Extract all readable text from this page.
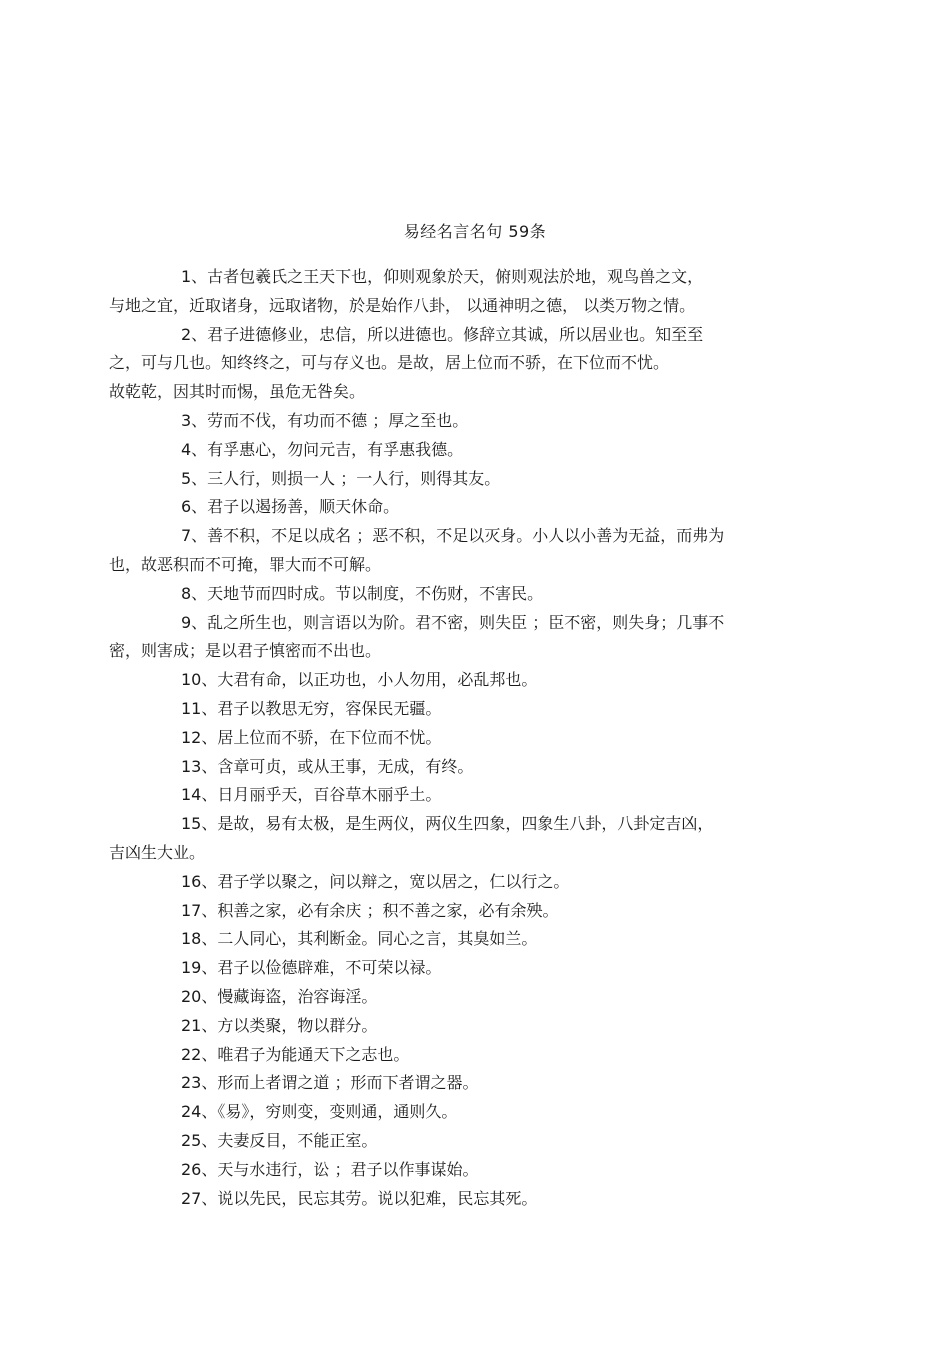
易经名言名句 59条

1、古者包羲氏之王天下也，仰则观象於天，俯则观法於地，观鸟兽之文，
与地之宜，近取诸身，远取诸物，於是始作八卦， 以通神明之德， 以类万物之情。

2、君子进德修业，忠信，所以进德也。修辞立其诚，所以居业也。知至至
之，可与几也。知终终之，可与存义也。是故，居上位而不骄，在下位而不忧。
故乾乾，因其时而惕，虽危无咎矣。

3、劳而不伐，有功而不德 ；厚之至也。

4、有孚惠心，勿问元吉，有孚惠我德。

5、三人行，则损一人 ；一人行，则得其友。

6、君子以遏扬善，顺天休命。

7、善不积，不足以成名 ；恶不积，不足以灭身。小人以小善为无益，而弗为
也，故恶积而不可掩，罪大而不可解。

8、天地节而四时成。节以制度，不伤财，不害民。

9、乱之所生也，则言语以为阶。君不密，则失臣 ；臣不密，则失身；几事不
密，则害成；是以君子慎密而不出也。

10、大君有命，以正功也，小人勿用，必乱邦也。

11、君子以教思无穷，容保民无疆。

12、居上位而不骄，在下位而不忧。

13、含章可贞，或从王事，无成，有终。

14、日月丽乎天，百谷草木丽乎土。

15、是故，易有太极，是生两仪，两仪生四象，四象生八卦，八卦定吉凶，
吉凶生大业。

16、君子学以聚之，问以辩之，宽以居之，仁以行之。

17、积善之家，必有余庆 ；积不善之家，必有余殃。

18、二人同心，其利断金。同心之言，其臭如兰。

19、君子以俭德辟难，不可荣以禄。

20、慢藏诲盗，治容诲淫。

21、方以类聚，物以群分。

22、唯君子为能通天下之志也。

23、形而上者谓之道 ；形而下者谓之器。

24、《易》，穷则变，变则通，通则久。

25、夫妻反目，不能正室。

26、天与水违行，讼 ；君子以作事谋始。

27、说以先民，民忘其劳。说以犯难，民忘其死。
